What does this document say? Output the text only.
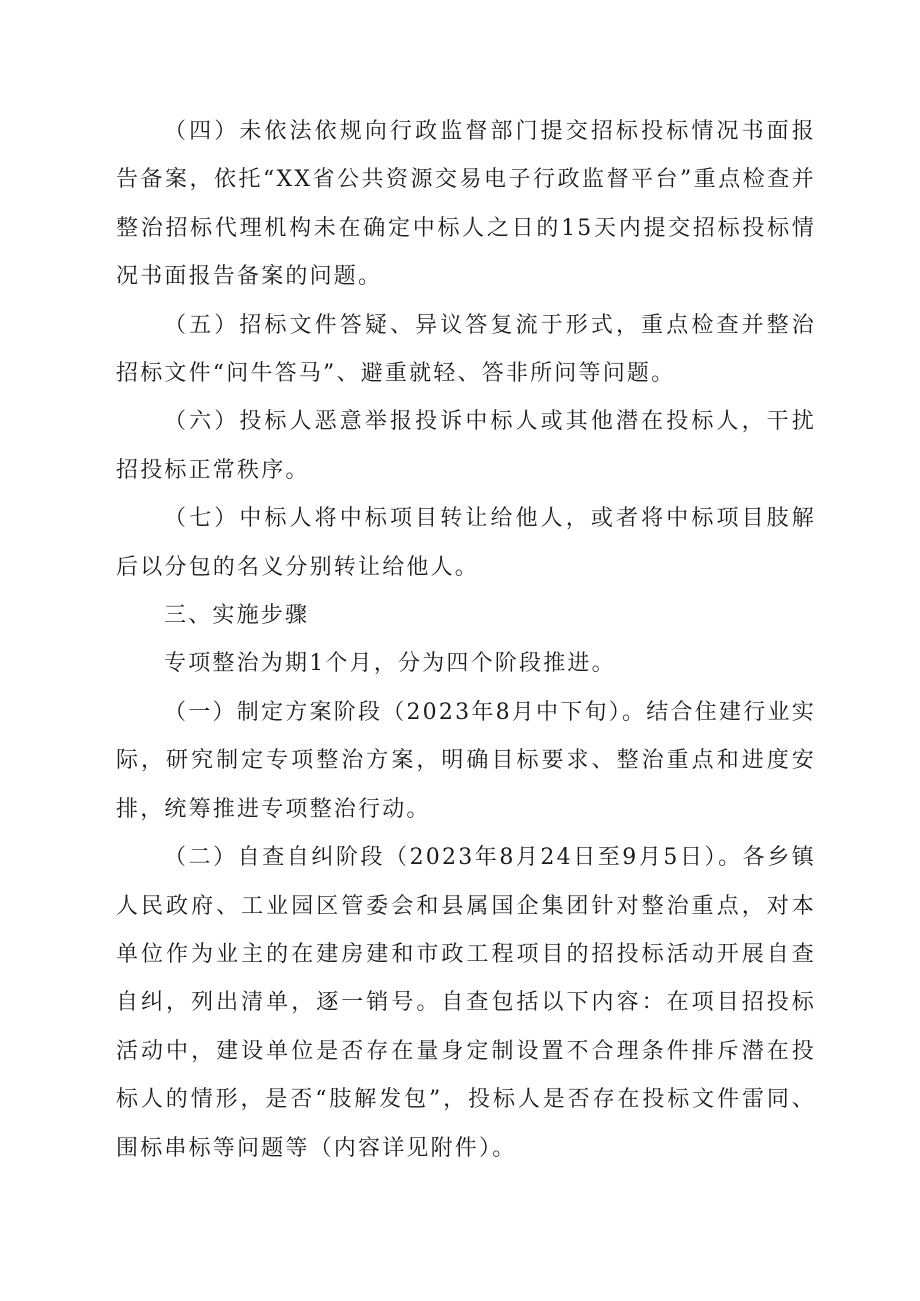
（四）未依法依规向行政监督部门提交招标投标情况书面报告备案，依托“XX省公共资源交易电子行政监督平台”重点检查并整治招标代理机构未在确定中标人之日的15天内提交招标投标情况书面报告备案的问题。

（五）招标文件答疑、异议答复流于形式，重点检查并整治招标文件“问牛答马”、避重就轻、答非所问等问题。

（六）投标人恶意举报投诉中标人或其他潜在投标人，干扰招投标正常秩序。

（七）中标人将中标项目转让给他人，或者将中标项目肢解后以分包的名义分别转让给他人。

三、实施步骤

专项整治为期1个月，分为四个阶段推进。

（一）制定方案阶段（2023年8月中下旬）。结合住建行业实际，研究制定专项整治方案，明确目标要求、整治重点和进度安排，统筹推进专项整治行动。

（二）自查自纠阶段（2023年8月24日至9月5日）。各乡镇人民政府、工业园区管委会和县属国企集团针对整治重点，对本单位作为业主的在建房建和市政工程项目的招投标活动开展自查自纠，列出清单，逐一销号。自查包括以下内容：在项目招投标活动中，建设单位是否存在量身定制设置不合理条件排斥潜在投标人的情形，是否“肢解发包”，投标人是否存在投标文件雷同、围标串标等问题等（内容详见附件）。
